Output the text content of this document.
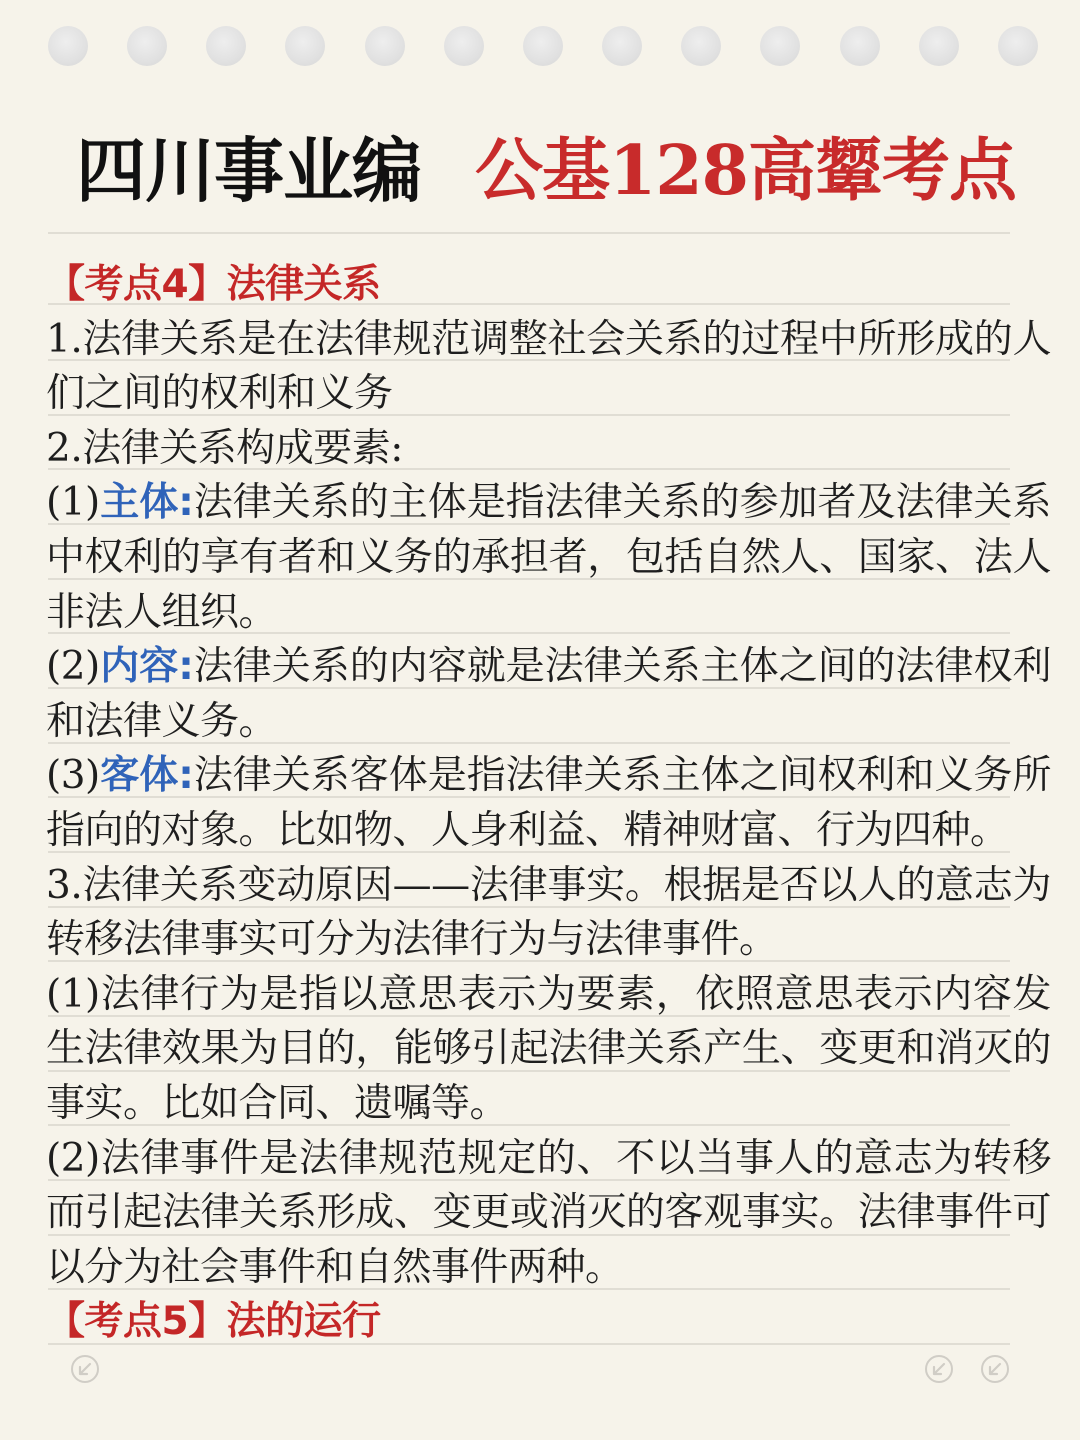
四川事业编 公基128高颦考点

【考点4】法律关系

1.法律关系是在法律规范调整社会关系的过程中所形成的人们之间的权利和义务

2.法律关系构成要素:

(1)主体:法律关系的主体是指法律关系的参加者及法律关系中权利的享有者和义务的承担者，包括自然人、国家、法人非法人组织。

(2)内容:法律关系的内容就是法律关系主体之间的法律权利和法律义务。

(3)客体:法律关系客体是指法律关系主体之间权利和义务所指向的对象。比如物、人身利益、精神财富、行为四种。

3.法律关系变动原因——法律事实。根据是否以人的意志为转移法律事实可分为法律行为与法律事件。

(1)法律行为是指以意思表示为要素，依照意思表示内容发生法律效果为目的，能够引起法律关系产生、变更和消灭的事实。比如合同、遗嘱等。

(2)法律事件是法律规范规定的、不以当事人的意志为转移而引起法律关系形成、变更或消灭的客观事实。法律事件可以分为社会事件和自然事件两种。

【考点5】法的运行
